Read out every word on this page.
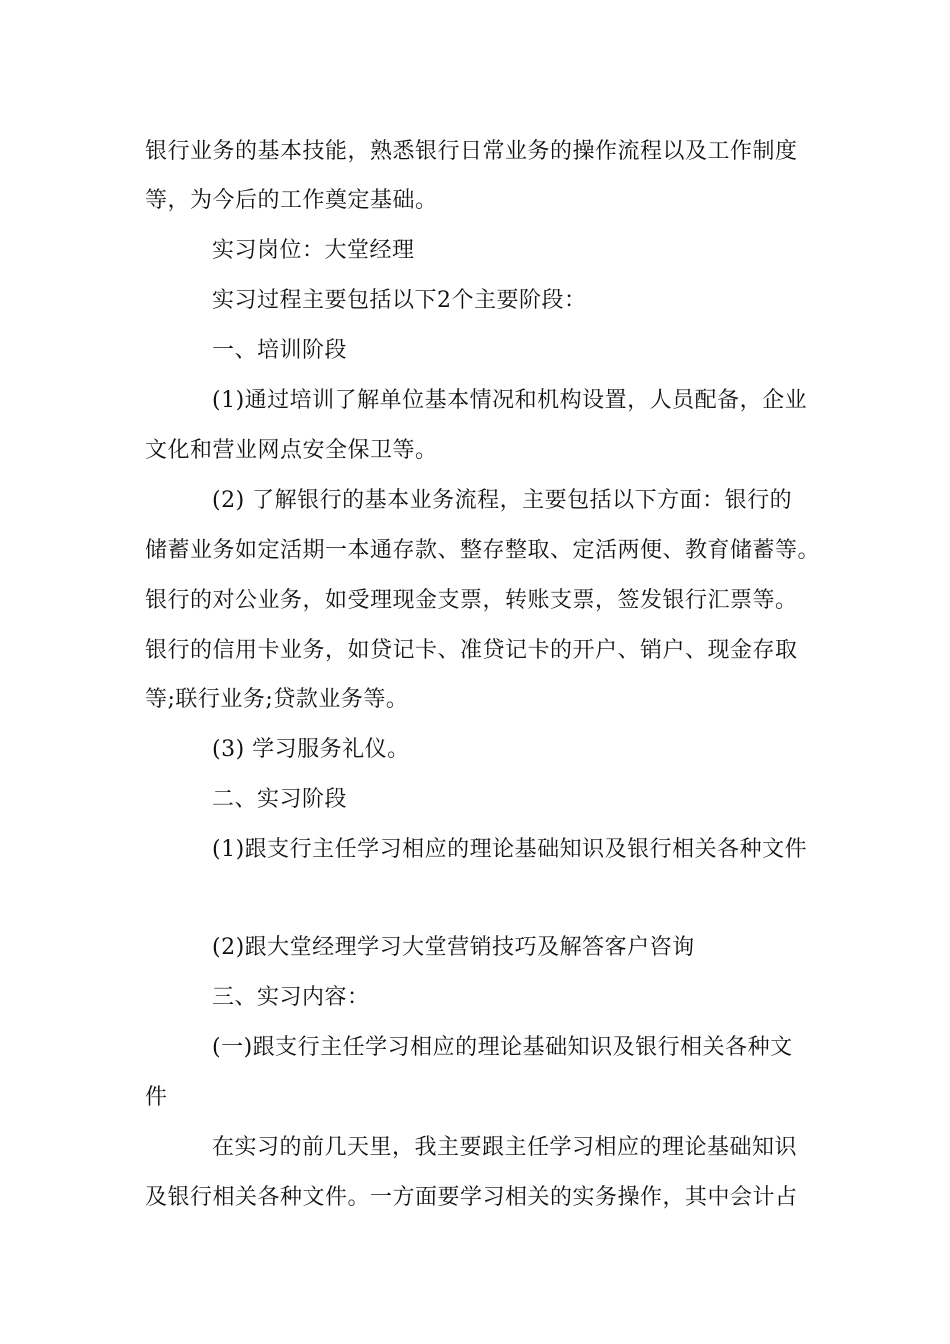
银行业务的基本技能，熟悉银行日常业务的操作流程以及工作制度
等，为今后的工作奠定基础。
实习岗位：大堂经理
实习过程主要包括以下2个主要阶段：
一、培训阶段
(1)通过培训了解单位基本情况和机构设置，人员配备，企业
文化和营业网点安全保卫等。
(2) 了解银行的基本业务流程，主要包括以下方面：银行的
储蓄业务如定活期一本通存款、整存整取、定活两便、教育储蓄等。
银行的对公业务，如受理现金支票，转账支票，签发银行汇票等。
银行的信用卡业务，如贷记卡、准贷记卡的开户、销户、现金存取
等;联行业务;贷款业务等。
(3) 学习服务礼仪。
二、实习阶段
(1)跟支行主任学习相应的理论基础知识及银行相关各种文件
(2)跟大堂经理学习大堂营销技巧及解答客户咨询
三、实习内容：
(一)跟支行主任学习相应的理论基础知识及银行相关各种文
件
在实习的前几天里，我主要跟主任学习相应的理论基础知识
及银行相关各种文件。一方面要学习相关的实务操作，其中会计占
